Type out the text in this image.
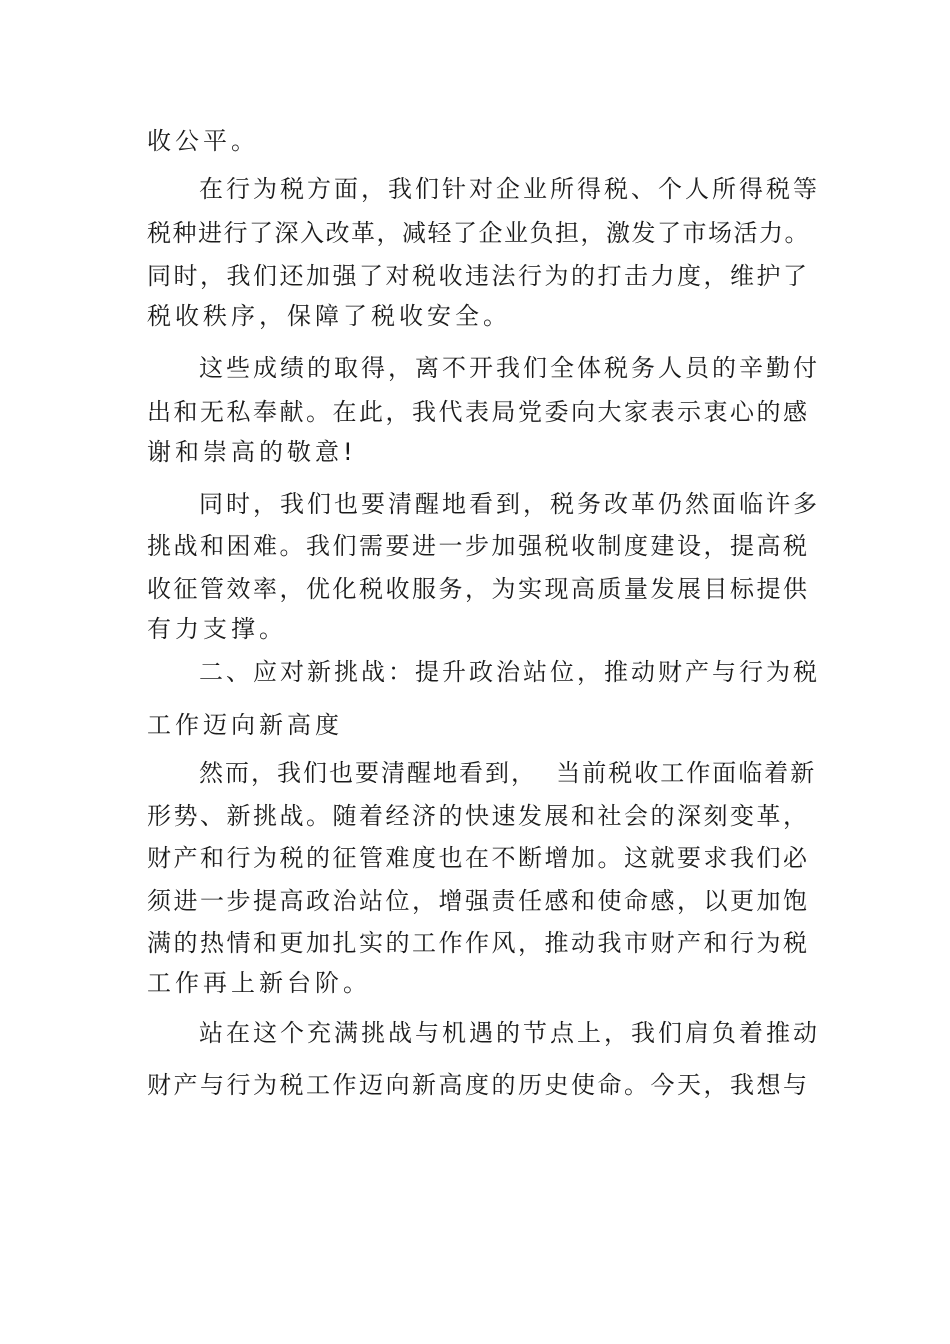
收公平。

在行为税方面，我们针对企业所得税、个人所得税等

税种进行了深入改革，减轻了企业负担，激发了市场活力。

同时，我们还加强了对税收违法行为的打击力度，维护了

税收秩序，保障了税收安全。

这些成绩的取得，离不开我们全体税务人员的辛勤付

出和无私奉献。在此，我代表局党委向大家表示衷心的感

谢和崇高的敬意!

同时，我们也要清醒地看到，税务改革仍然面临许多

挑战和困难。我们需要进一步加强税收制度建设，提高税

收征管效率，优化税收服务，为实现高质量发展目标提供

有力支撑。

二、应对新挑战：提升政治站位，推动财产与行为税

工作迈向新高度

然而，我们也要清醒地看到，  当前税收工作面临着新

形势、新挑战。随着经济的快速发展和社会的深刻变革，

财产和行为税的征管难度也在不断增加。这就要求我们必

须进一步提高政治站位，增强责任感和使命感，以更加饱

满的热情和更加扎实的工作作风，推动我市财产和行为税

工作再上新台阶。

站在这个充满挑战与机遇的节点上，我们肩负着推动

财产与行为税工作迈向新高度的历史使命。今天，我想与
